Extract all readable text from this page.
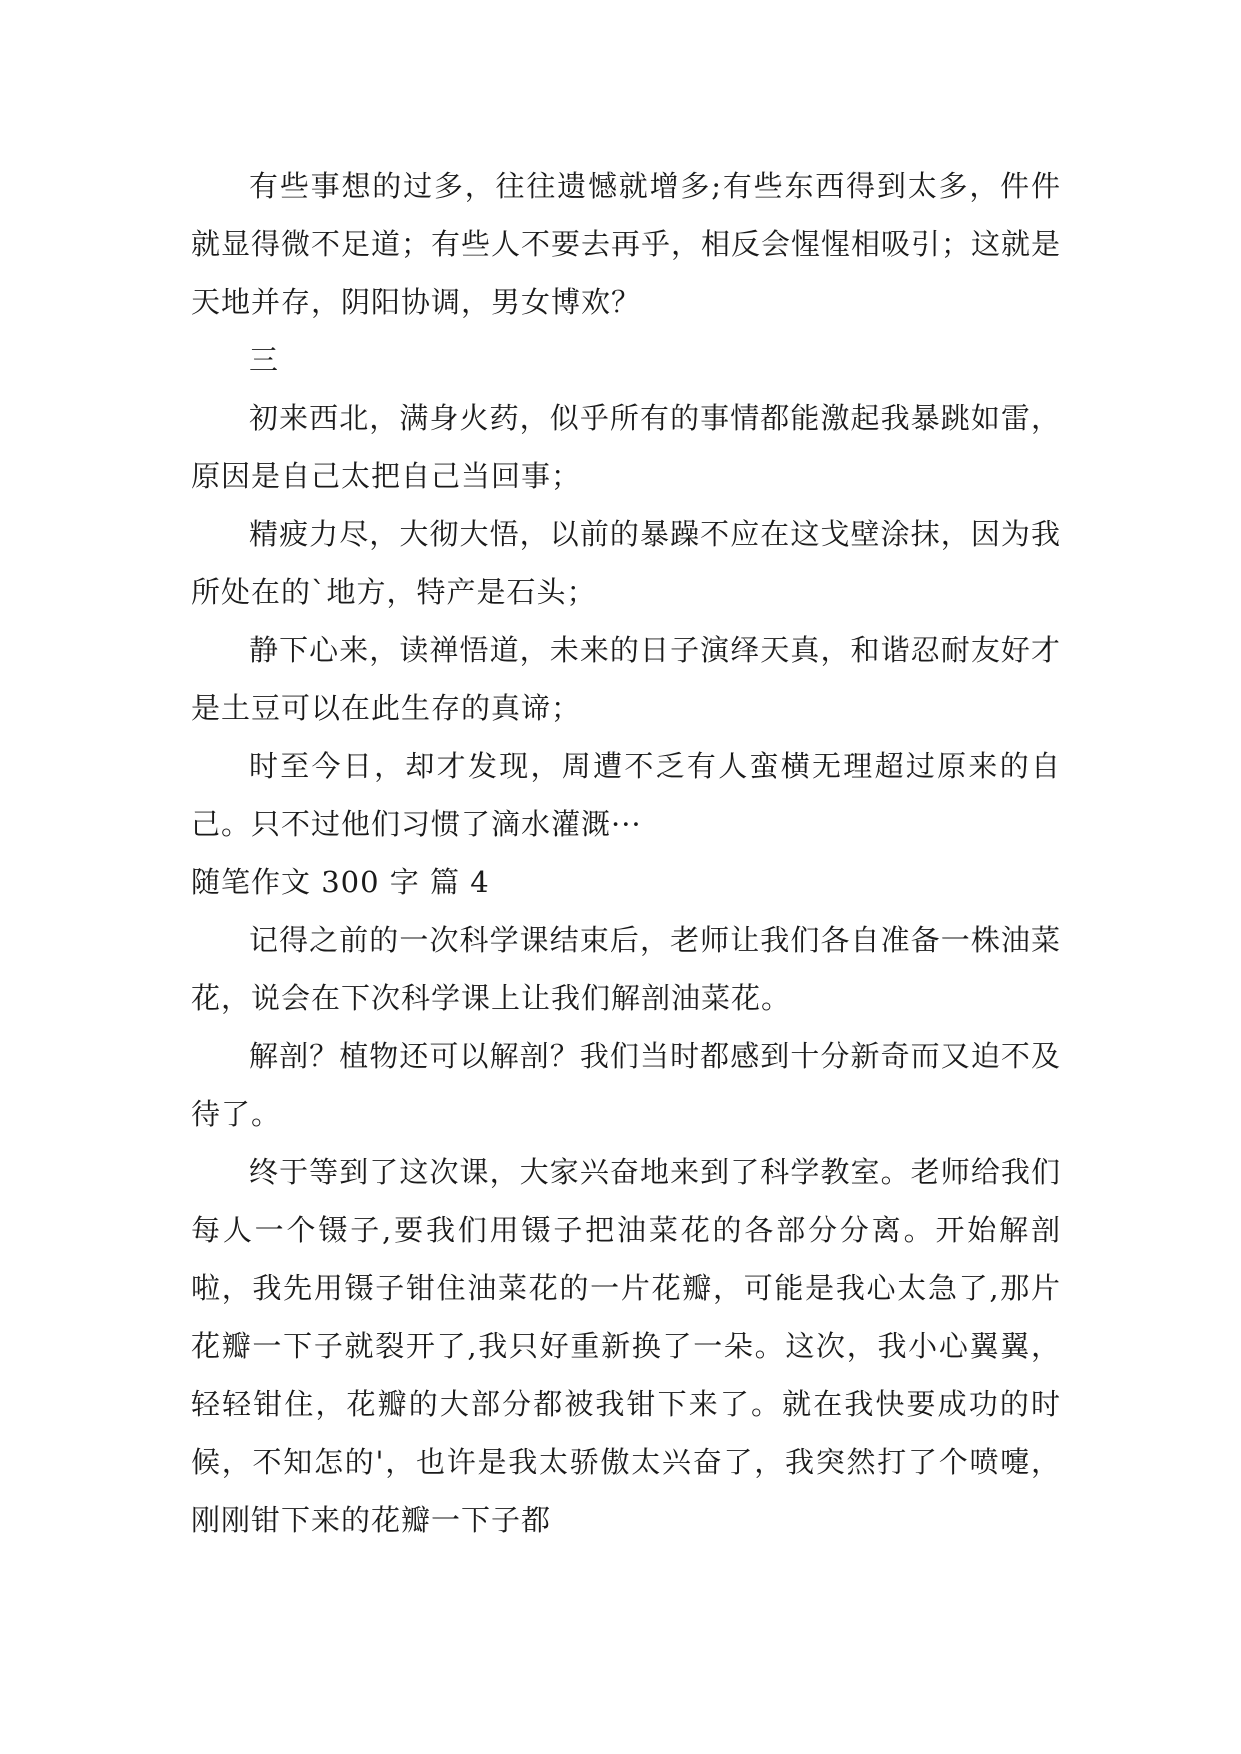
有些事想的过多，往往遗憾就增多;有些东西得到太多，件件就显得微不足道；有些人不要去再乎，相反会惺惺相吸引；这就是天地并存，阴阳协调，男女博欢？

三

初来西北，满身火药，似乎所有的事情都能激起我暴跳如雷，原因是自己太把自己当回事；

精疲力尽，大彻大悟，以前的暴躁不应在这戈壁涂抹，因为我所处在的`地方，特产是石头；

静下心来，读禅悟道，未来的日子演绎天真，和谐忍耐友好才是土豆可以在此生存的真谛；

时至今日，却才发现，周遭不乏有人蛮横无理超过原来的自己。只不过他们习惯了滴水灌溉···

随笔作文 300 字 篇 4

记得之前的一次科学课结束后，老师让我们各自准备一株油菜花，说会在下次科学课上让我们解剖油菜花。

解剖？植物还可以解剖？我们当时都感到十分新奇而又迫不及待了。

终于等到了这次课，大家兴奋地来到了科学教室。老师给我们每人一个镊子,要我们用镊子把油菜花的各部分分离。开始解剖啦，我先用镊子钳住油菜花的一片花瓣，可能是我心太急了,那片花瓣一下子就裂开了,我只好重新换了一朵。这次，我小心翼翼，轻轻钳住，花瓣的大部分都被我钳下来了。就在我快要成功的时候，不知怎的'，也许是我太骄傲太兴奋了，我突然打了个喷嚏，刚刚钳下来的花瓣一下子都
